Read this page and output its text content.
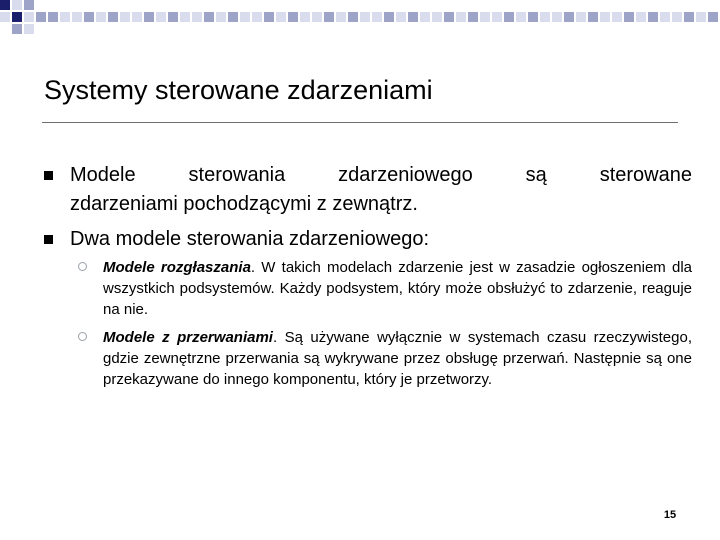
Systemy sterowane zdarzeniami
Modele sterowania zdarzeniowego są sterowane
zdarzeniami pochodzącymi z zewnątrz.
Dwa modele sterowania zdarzeniowego:
Modele rozgłaszania. W takich modelach zdarzenie jest w zasadzie ogłoszeniem dla wszystkich podsystemów. Każdy podsystem, który może obsłużyć to zdarzenie, reaguje na nie.
Modele z przerwaniami. Są używane wyłącznie w systemach czasu rzeczywistego, gdzie zewnętrzne przerwania są wykrywane przez obsługę przerwań. Następnie są one przekazywane do innego komponentu, który je przetworzy.
15
